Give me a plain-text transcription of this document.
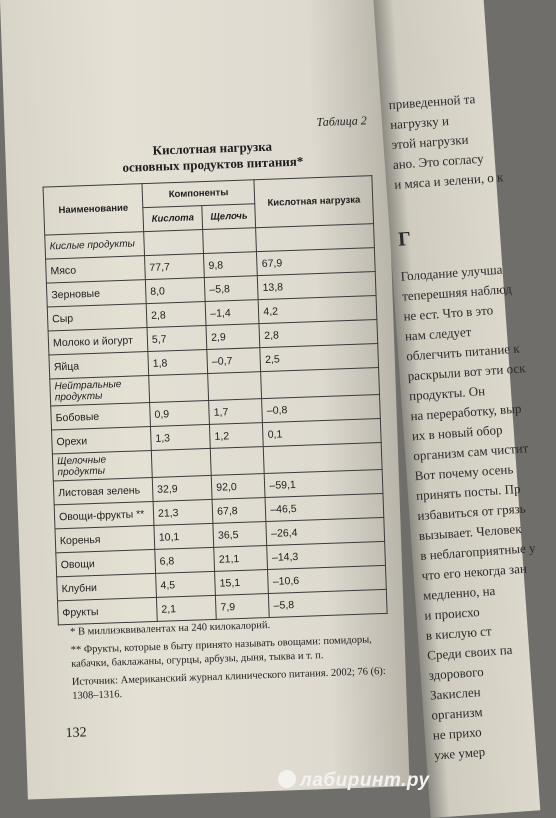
Таблица 2
Кислотная нагрузка
основных продуктов питания*
Наименование	Компоненты		Кислотная нагрузка
	Кислота	Щелочь	
Кислые продукты			
Мясо	77,7	9,8	67,9
Зерновые	8,0	–5,8	13,8
Сыр	2,8	–1,4	4,2
Молоко и йогурт	5,7	2,9	2,8
Яйца	1,8	–0,7	2,5
Нейтральные продукты			
Бобовые	0,9	1,7	–0,8
Орехи	1,3	1,2	0,1
Щелочные продукты			
Листовая зелень	32,9	92,0	–59,1
Овощи-фрукты **	21,3	67,8	–46,5
Коренья	10,1	36,5	–26,4
Овощи	6,8	21,1	–14,3
Клубни	4,5	15,1	–10,6
Фрукты	2,1	7,9	–5,8
* В миллиэквивалентах на 240 килокалорий.
** Фрукты, которые в быту принято называть овощами: помидоры, кабачки, баклажаны, огурцы, арбузы, дыня, тыква и т. п.
Источник: Американский журнал клинического питания. 2002; 76 (6): 1308–1316.
132
приведенной та
нагрузку и
этой нагрузки
ано. Это согласу
и мяса и зелени, о к
Г
Голодание улучша
теперешняя наблюд
не ест. Что в это
нам следует
облегчить питание к
раскрыли вот эти оск
продукты. Он
на переработку, выр
их в новый обор
организм сам чистит
Вот почему осень
принять посты. Пр
избавиться от грязь
вызывает. Человек
в неблагоприятные у
что его некогда зан
медленно, на
и происхо
в кислую ст
Среди своих па
здорового
Закислен
организм
не прихо
уже умер
лабиринт.ру
